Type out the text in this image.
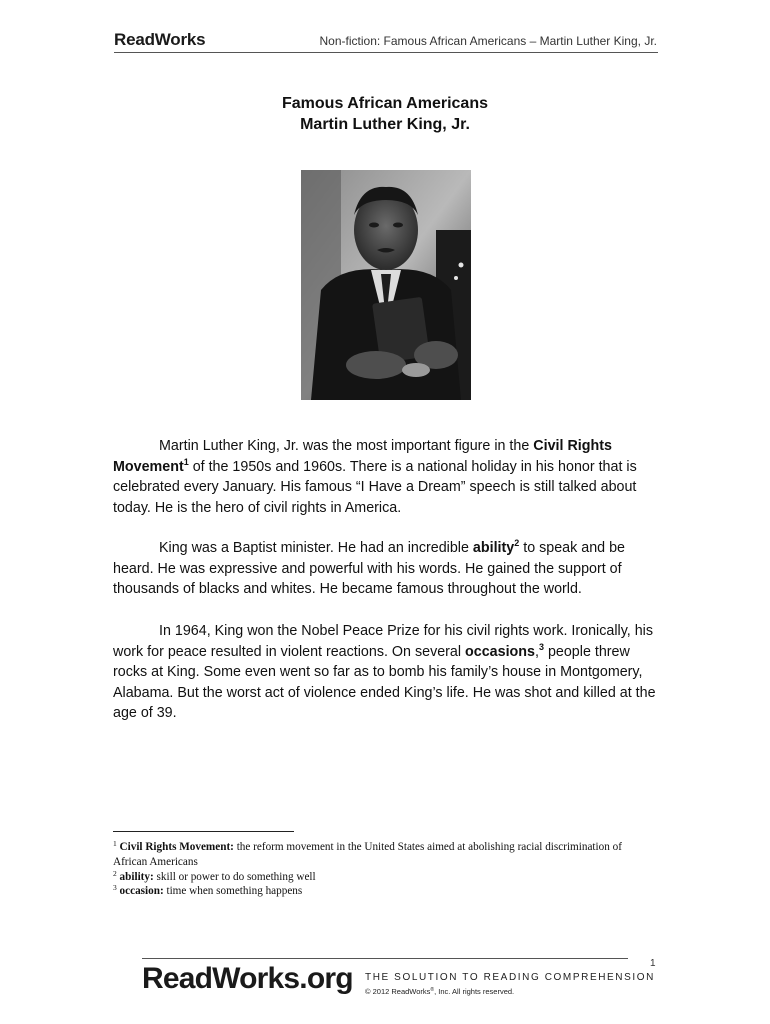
ReadWorks	Non-fiction: Famous African Americans – Martin Luther King, Jr.
Famous African Americans
Martin Luther King, Jr.

Martin Luther King, Jr. was the most important figure in the Civil Rights Movement$^1$ of the 1950s and 1960s. There is a national holiday in his honor that is celebrated every January. His famous “I Have a Dream” speech is still talked about today. He is the hero of civil rights in America.

King was a Baptist minister. He had an incredible ability$^2$ to speak and be heard. He was expressive and powerful with his words. He gained the support of thousands of blacks and whites. He became famous throughout the world.

In 1964, King won the Nobel Peace Prize for his civil rights work. Ironically, his work for peace resulted in violent reactions. On several occasions,$^3$ people threw rocks at King. Some even went so far as to bomb his family’s house in Montgomery, Alabama. But the worst act of violence ended King’s life. He was shot and killed at the age of 39.

$^1$ Civil Rights Movement: the reform movement in the United States aimed at abolishing racial discrimination of African Americans

$^2$ ability: skill or power to do something well

$^3$ occasion: time when something happens

1
ReadWorks.org THE SOLUTION TO READING COMPREHENSION
© 2012 ReadWorks®, Inc. All rights reserved.
